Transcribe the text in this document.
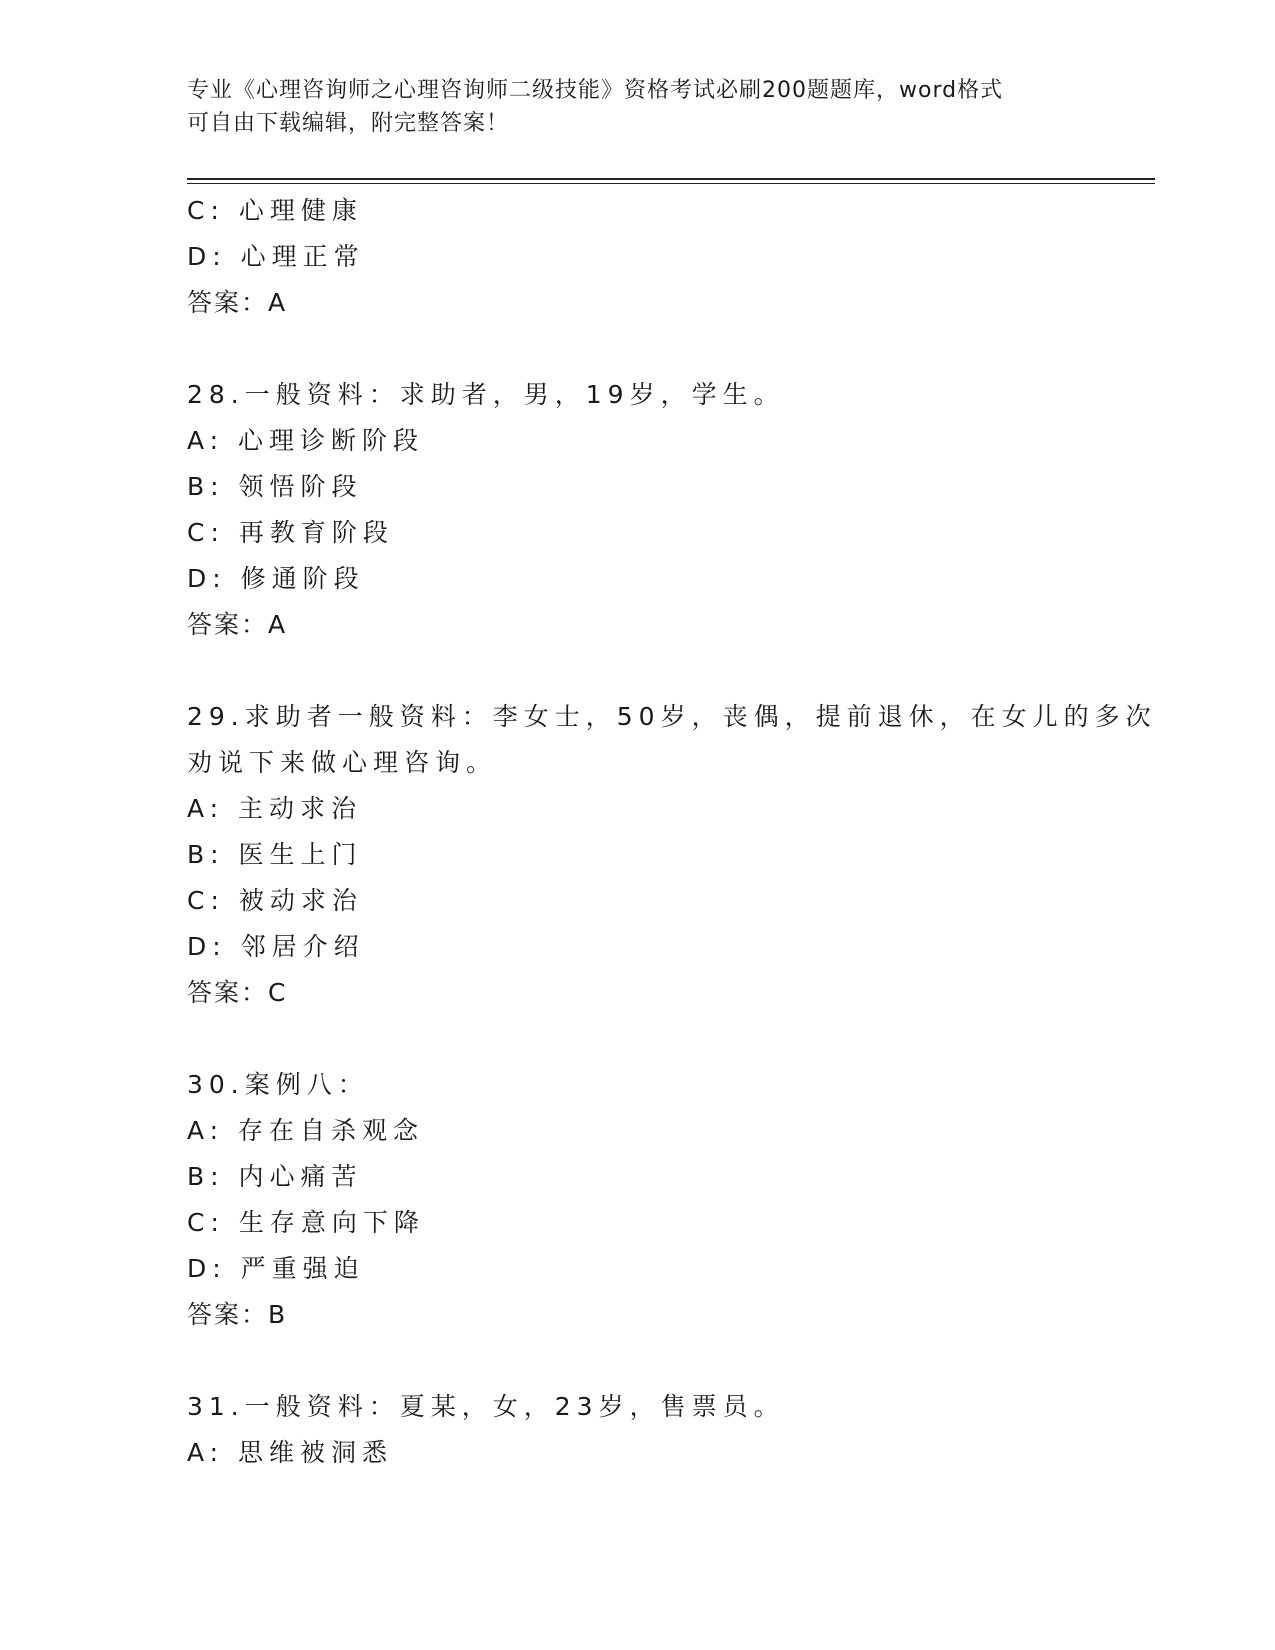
专业《心理咨询师之心理咨询师二级技能》资格考试必刷200题题库，word格式
可自由下载编辑，附完整答案！
C: 心理健康
D: 心理正常
答案：A
28.一般资料：求助者，男，19岁，学生。
A: 心理诊断阶段
B: 领悟阶段
C: 再教育阶段
D: 修通阶段
答案：A
29.求助者一般资料：李女士，50岁，丧偶，提前退休，在女儿的多次
劝说下来做心理咨询。
A: 主动求治
B: 医生上门
C: 被动求治
D: 邻居介绍
答案：C
30.案例八：
A: 存在自杀观念
B: 内心痛苦
C: 生存意向下降
D: 严重强迫
答案：B
31.一般资料：夏某，女，23岁，售票员。
A: 思维被洞悉
